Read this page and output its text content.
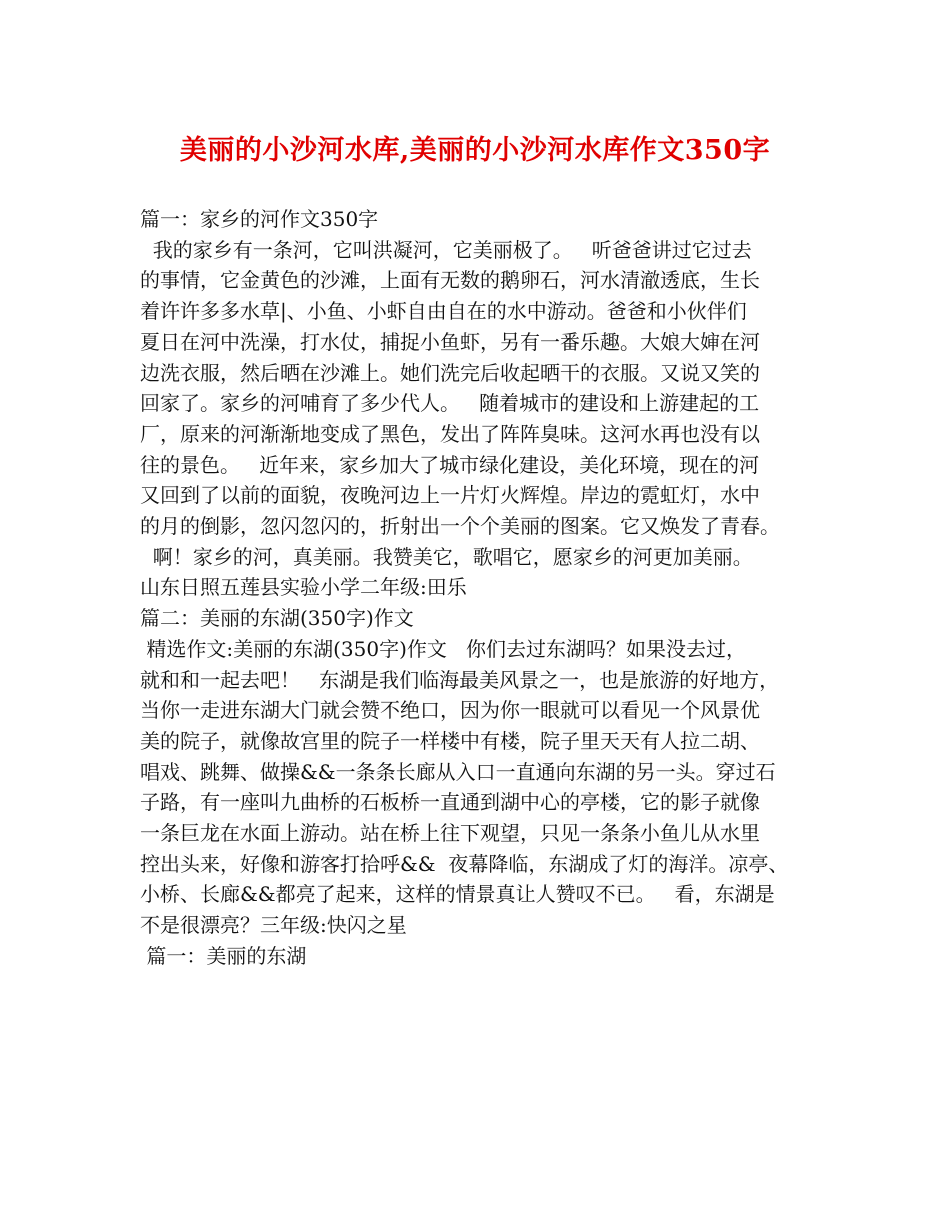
美丽的小沙河水库,美丽的小沙河水库作文350字
篇一：家乡的河作文350字
我的家乡有一条河，它叫洪凝河，它美丽极了。   听爸爸讲过它过去
的事情，它金黄色的沙滩，上面有无数的鹅卵石，河水清澈透底，生长
着许许多多水草|、小鱼、小虾自由自在的水中游动。爸爸和小伙伴们
夏日在河中洗澡，打水仗，捕捉小鱼虾，另有一番乐趣。大娘大婶在河
边洗衣服，然后晒在沙滩上。她们洗完后收起晒干的衣服。又说又笑的
回家了。家乡的河哺育了多少代人。   随着城市的建设和上游建起的工
厂，原来的河渐渐地变成了黑色，发出了阵阵臭味。这河水再也没有以
往的景色。   近年来，家乡加大了城市绿化建设，美化环境，现在的河
又回到了以前的面貌，夜晚河边上一片灯火辉煌。岸边的霓虹灯，水中
的月的倒影，忽闪忽闪的，折射出一个个美丽的图案。它又焕发了青春。
啊！家乡的河，真美丽。我赞美它，歌唱它，愿家乡的河更加美丽。
山东日照五莲县实验小学二年级:田乐
篇二：美丽的东湖(350字)作文
精选作文:美丽的东湖(350字)作文   你们去过东湖吗？如果没去过，
就和和一起去吧！   东湖是我们临海最美风景之一，也是旅游的好地方，
当你一走进东湖大门就会赞不绝口，因为你一眼就可以看见一个风景优
美的院子，就像故宫里的院子一样楼中有楼，院子里天天有人拉二胡、
唱戏、跳舞、做操&&一条条长廊从入口一直通向东湖的另一头。穿过石
子路，有一座叫九曲桥的石板桥一直通到湖中心的亭楼，它的影子就像
一条巨龙在水面上游动。站在桥上往下观望，只见一条条小鱼儿从水里
控出头来，好像和游客打拾呼&&  夜幕降临，东湖成了灯的海洋。凉亭、
小桥、长廊&&都亮了起来，这样的情景真让人赞叹不已。   看，东湖是
不是很漂亮？三年级:快闪之星
篇一：美丽的东湖
